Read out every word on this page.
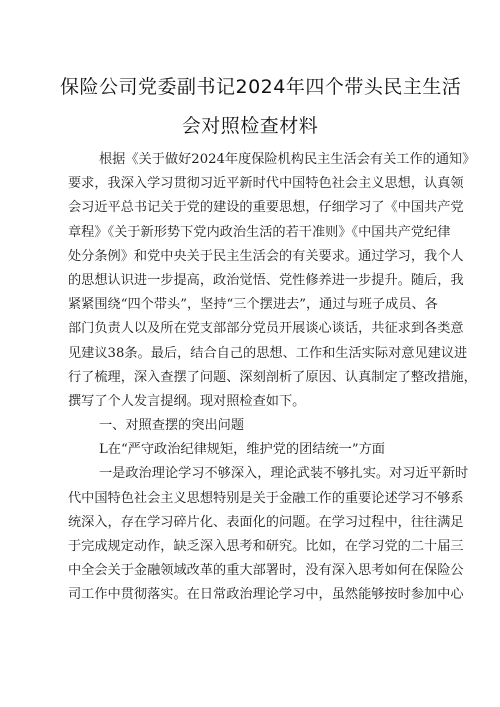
保险公司党委副书记2024年四个带头民主生活
会对照检查材料
根据《关于做好2024年度保险机构民主生活会有关工作的通知》
要求，我深入学习贯彻习近平新时代中国特色社会主义思想，认真领
会习近平总书记关于党的建设的重要思想，仔细学习了《中国共产党
章程》《关于新形势下党内政治生活的若干准则》《中国共产党纪律
处分条例》和党中央关于民主生活会的有关要求。通过学习，我个人
的思想认识进一步提高，政治觉悟、党性修养进一步提升。随后，我
紧紧围绕“四个带头”，坚持“三个摆进去”，通过与班子成员、各
部门负责人以及所在党支部部分党员开展谈心谈话，共征求到各类意
见建议38条。最后，结合自己的思想、工作和生活实际对意见建议进
行了梳理，深入查摆了问题、深刻剖析了原因、认真制定了整改措施，
撰写了个人发言提纲。现对照检查如下。
一、对照查摆的突出问题
L在“严守政治纪律规矩，维护党的团结统一”方面
一是政治理论学习不够深入，理论武装不够扎实。对习近平新时
代中国特色社会主义思想特别是关于金融工作的重要论述学习不够系
统深入，存在学习碎片化、表面化的问题。在学习过程中，往往满足
于完成规定动作，缺乏深入思考和研究。比如，在学习党的二十届三
中全会关于金融领域改革的重大部署时，没有深入思考如何在保险公
司工作中贯彻落实。在日常政治理论学习中，虽然能够按时参加中心
